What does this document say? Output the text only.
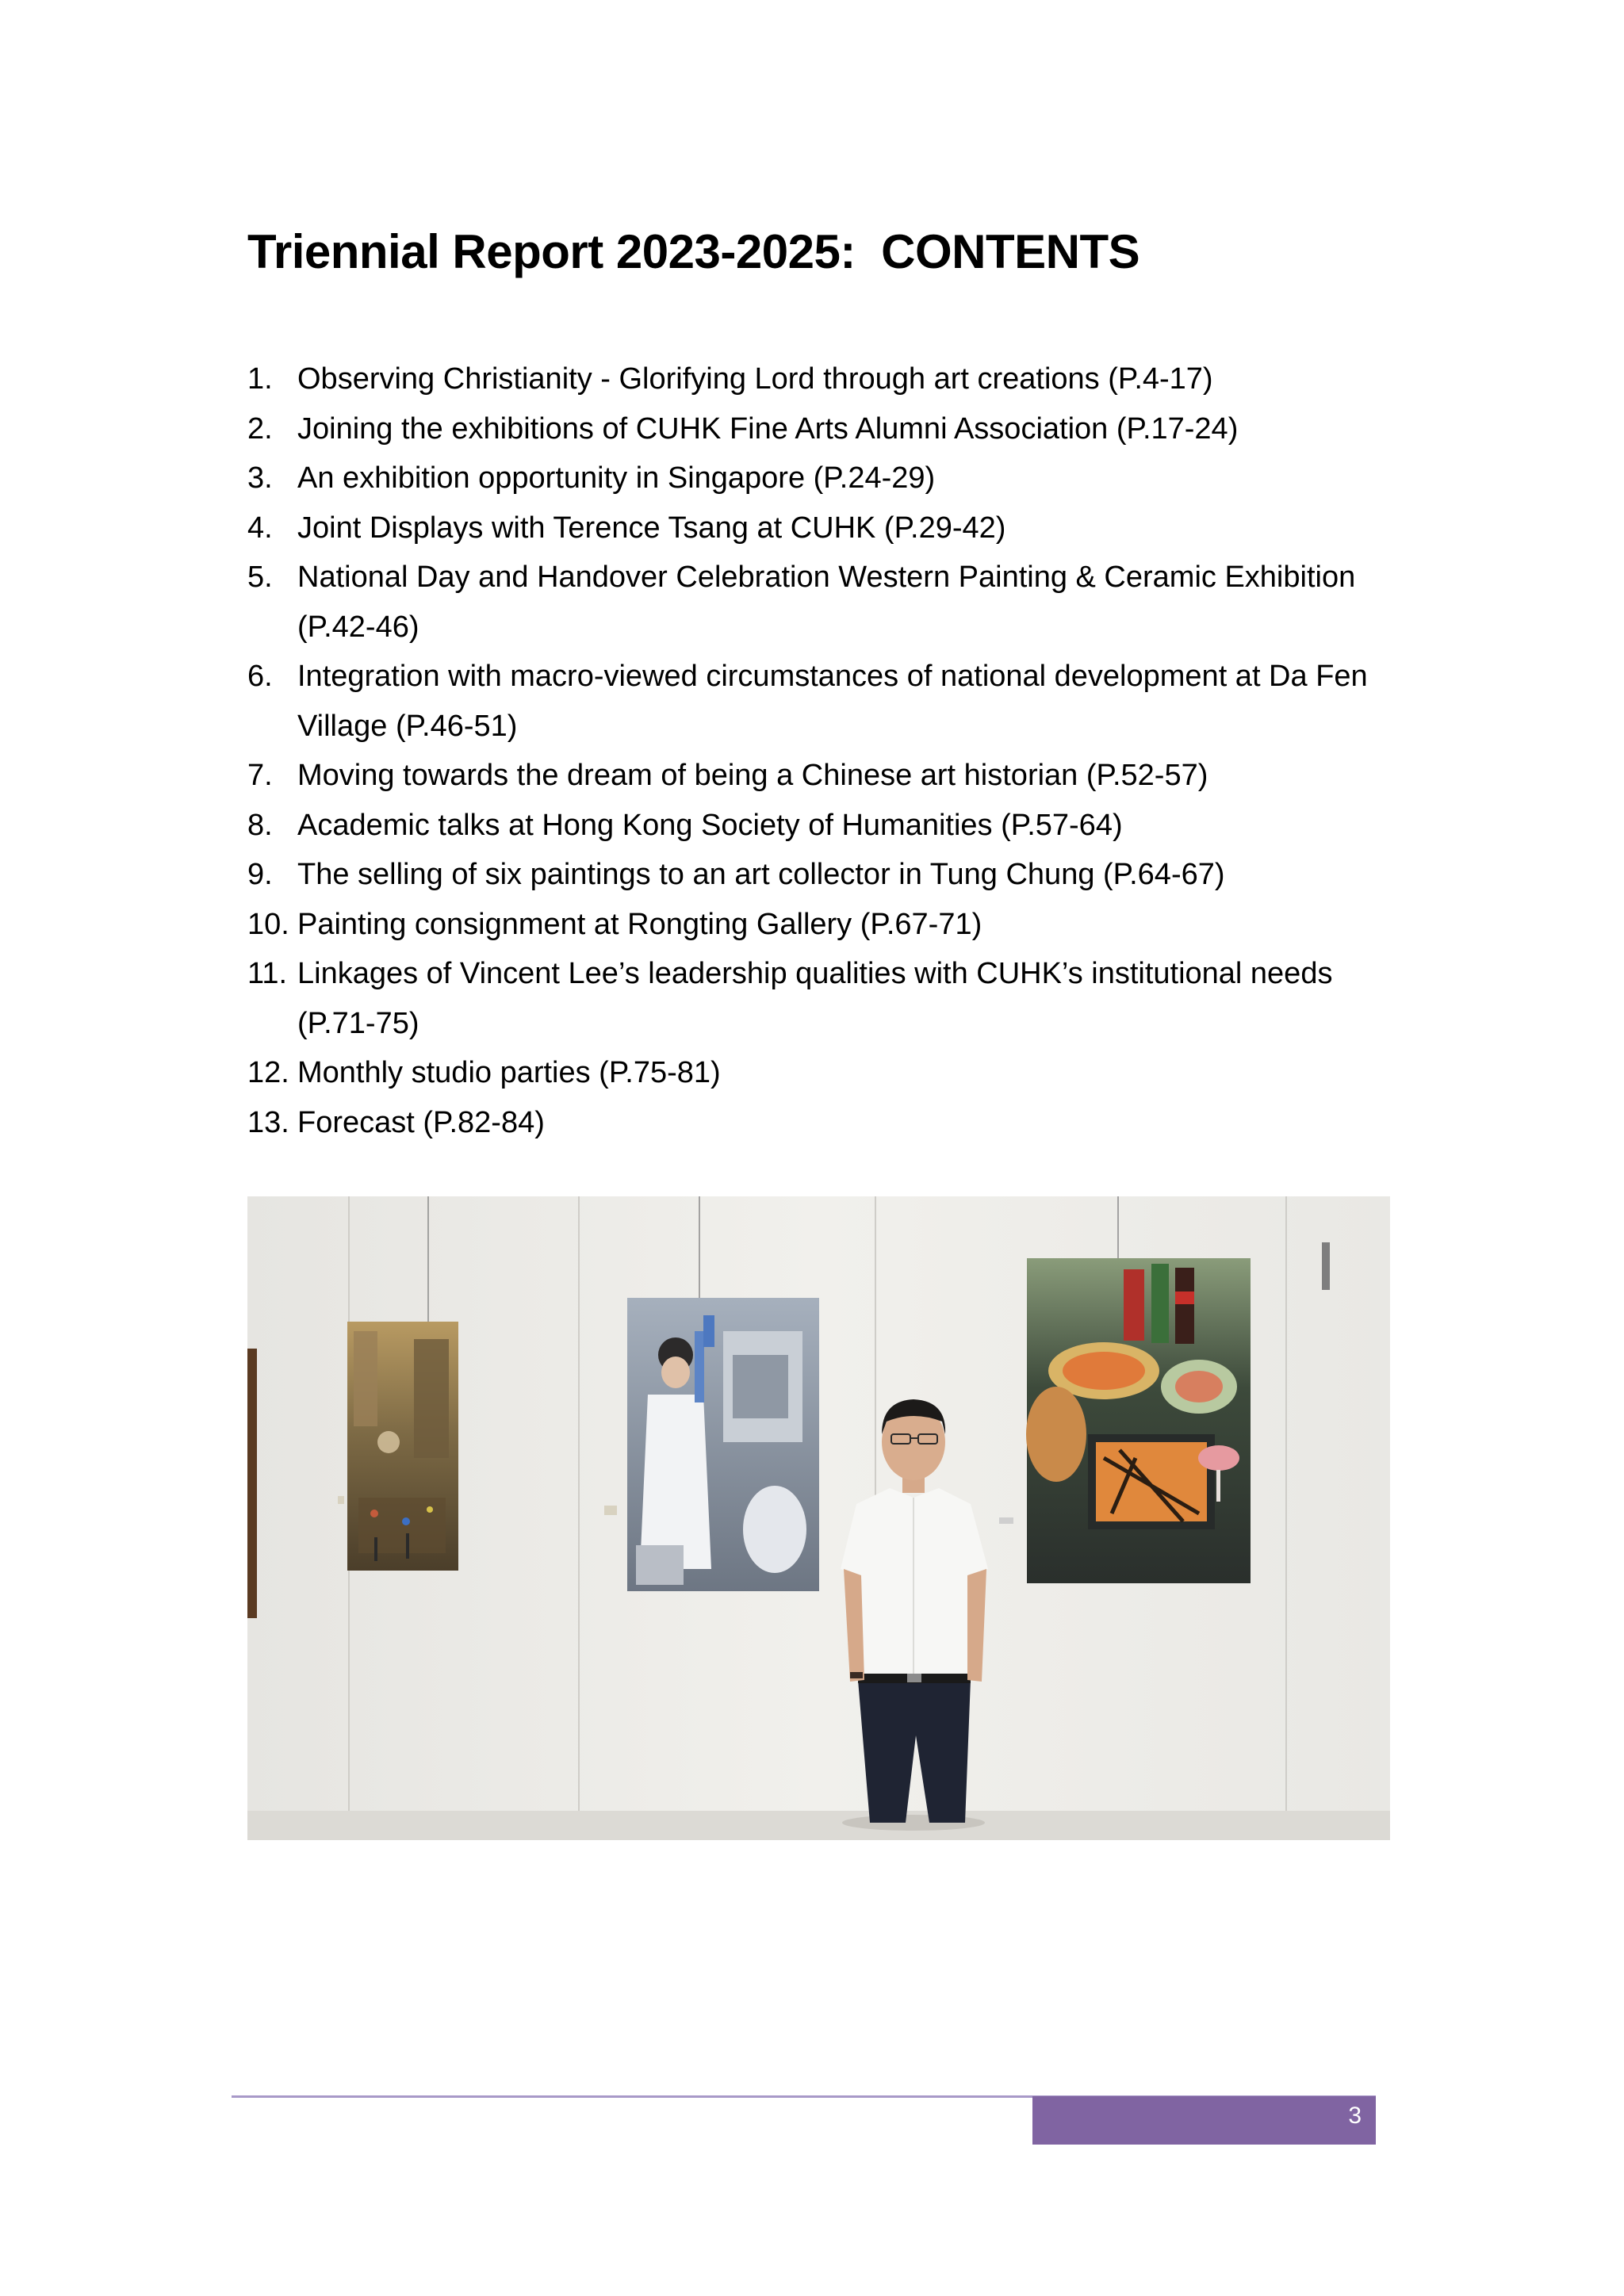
Triennial Report 2023-2025:  CONTENTS
1. Observing Christianity - Glorifying Lord through art creations (P.4-17)
2. Joining the exhibitions of CUHK Fine Arts Alumni Association (P.17-24)
3. An exhibition opportunity in Singapore (P.24-29)
4. Joint Displays with Terence Tsang at CUHK (P.29-42)
5. National Day and Handover Celebration Western Painting & Ceramic Exhibition (P.42-46)
6. Integration with macro-viewed circumstances of national development at Da Fen Village (P.46-51)
7. Moving towards the dream of being a Chinese art historian (P.52-57)
8. Academic talks at Hong Kong Society of Humanities (P.57-64)
9. The selling of six paintings to an art collector in Tung Chung (P.64-67)
10. Painting consignment at Rongting Gallery (P.67-71)
11. Linkages of Vincent Lee’s leadership qualities with CUHK’s institutional needs (P.71-75)
12. Monthly studio parties (P.75-81)
13. Forecast (P.82-84)
3
